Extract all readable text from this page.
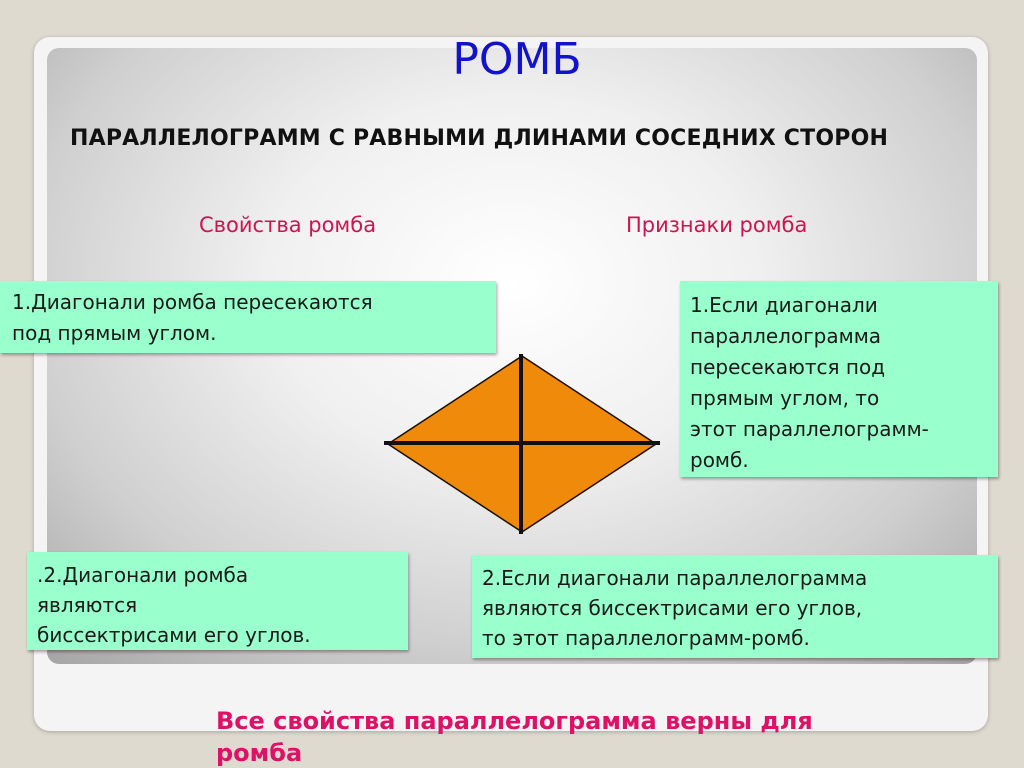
РОМБ
ПАРАЛЛЕЛОГРАММ С РАВНЫМИ ДЛИНАМИ СОСЕДНИХ СТОРОН
Свойства ромба	Признаки ромба
1.Диагонали ромба пересекаются
под прямым углом.
.2.Диагонали ромба
являются
биссектрисами его углов.
1.Если диагонали
параллелограмма
пересекаются под
прямым углом, то
этот параллелограмм-
ромб.
2.Если диагонали параллелограмма
являются биссектрисами его углов,
то этот параллелограмм-ромб.
Все свойства параллелограмма верны для ромба
